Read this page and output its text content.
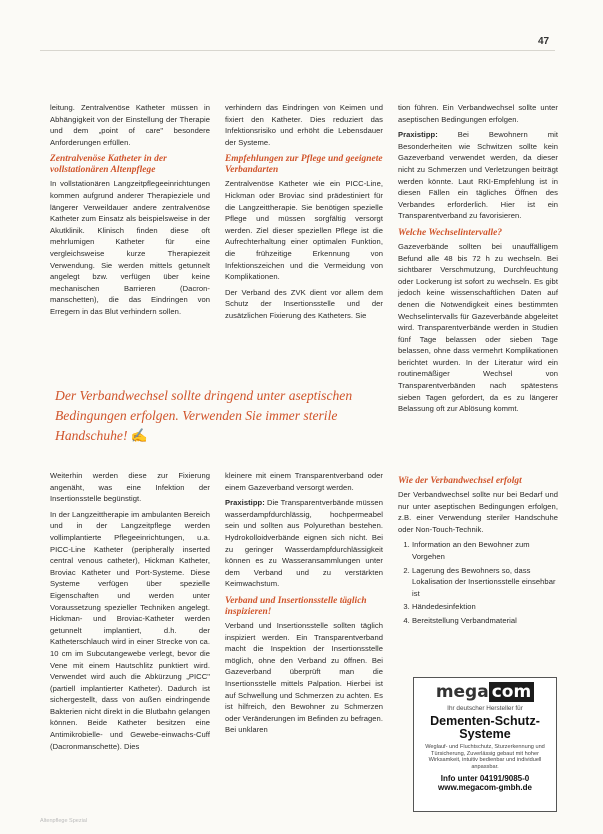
47

leitung. Zentralvenöse Katheter müssen in Abhängigkeit von der Einstellung der Therapie und dem „point of care" besondere Anforderungen erfüllen.

Zentralvenöse Katheter in der vollstationären Altenpflege

In vollstationären Langzeitpflegeeinrichtungen kommen aufgrund anderer Therapieziele und längerer Verweildauer andere zentralvenöse Katheter zum Einsatz als beispielsweise in der Akutklinik. Klinisch finden diese oft mehrlumigen Katheter für eine vergleichsweise kurze Therapiezeit Verwendung. Sie werden mittels getunnelt angelegt bzw. verfügen über keine mechanischen Barrieren (Dacron-manschetten), die das Eindringen von Erregern in das Blut verhindern sollen.

verhindern das Eindringen von Keimen und fixiert den Katheter. Dies reduziert das Infektionsrisiko und erhöht die Lebensdauer der Systeme.

Empfehlungen zur Pflege und geeignete Verbandarten

Zentralvenöse Katheter wie ein PICC-Line, Hickman oder Broviac sind prädestiniert für die Langzeittherapie. Sie benötigen spezielle Pflege und müssen sorgfältig versorgt werden. Ziel dieser speziellen Pflege ist die Aufrechterhaltung einer optimalen Funktion, die frühzeitige Erkennung von Infektionszeichen und die Vermeidung von Komplikationen.

Der Verband des ZVK dient vor allem dem Schutz der Insertionsstelle und der zusätzlichen Fixierung des Katheters. Sie

tion führen. Ein Verbandwechsel sollte unter aseptischen Bedingungen erfolgen.

Praxistipp:	Bei Bewohnern mit Besonderheiten wie Schwitzen sollte kein Gazeverband verwendet werden, da dieser nicht zu Schmerzen und Verletzungen beiträgt werden könnte. Laut RKI-Empfehlung ist in diesen Fällen ein tägliches Öffnen des Verbandes erforderlich. Hier ist ein Transparentverband zu favorisieren.

Welche Wechselintervalle?

Gazeverbände sollten bei unauffälligem Befund alle 48 bis 72 h zu wechseln. Bei sichtbarer Verschmutzung, Durchfeuchtung oder Lockerung ist sofort zu wechseln. Es gibt jedoch keine wissenschaftlichen Daten auf denen die Notwendigkeit eines bestimmten Wechselintervalls für Gazeverbände abgeleitet wird. Transparentverbände werden in Studien fünf Tage belassen oder sieben Tage belassen, ohne dass vermehrt Komplikationen berichtet wurden. In der Literatur wird ein routinemäßiger Wechsel von Transparentverbänden nach spätestens sieben Tagen gefordert, da es zu längerer Belassung oft zur Ablösung kommt.

Der Verbandwechsel sollte dringend unter aseptischen Bedingungen erfolgen. Verwenden Sie immer sterile Handschuhe! ✍

Weiterhin werden diese zur Fixierung angenäht, was eine Infektion der Insertionsstelle begünstigt.

In der Langzeittherapie im ambulanten Bereich und in der Langzeitpflege werden vollimplantierte Pflegeeinrichtungen, u.a. PICC-Line Katheter (peripherally inserted central venous catheter), Hickman Katheter, Broviac Katheter und Port-Systeme. Diese Systeme verfügen über spezielle Eigenschaften und werden unter Voraussetzung spezieller Techniken angelegt. Hickman- und Broviac-Katheter werden getunnelt implantiert, d.h. der Katheterschlauch wird in einer Strecke von ca. 10 cm im Subcutangewebe verlegt, bevor die Vene mit einem Hautschlitz punktiert wird. Verwendet wird auch die Abkürzung „PICC" (partiell implantierter Katheter). Dadurch ist sichergestellt, dass von außen eindringende Bakterien nicht direkt in die Blutbahn gelangen können. Beide Katheter besitzen eine Antimikrobielle- und Gewebe-einwachs-Cuff (Dacronmanschette). Dies

kleinere mit einem Transparentverband oder einem Gazeverband versorgt werden.

Praxistipp: Die Transparentverbände müssen wasserdampfdurchlässig, hochpermeabel sein und sollten aus Polyurethan bestehen. Hydrokolloidverbände eignen sich nicht. Bei zu geringer Wasserdampfdurchlässigkeit können es zu Wasseransammlungen unter dem Verband und zu verstärkten Keimwachstum.

Verband und Insertionsstelle täglich inspizieren!

Verband und Insertionsstelle sollten täglich inspiziert werden. Ein Transparentverband macht die Inspektion der Insertionsstelle möglich, ohne den Verband zu öffnen. Bei Gazeverband überprüft man die Insertionsstelle mittels Palpation. Hierbei ist auf Schwellung und Schmerzen zu achten. Es ist hilfreich, den Bewohner zu Schmerzen oder Veränderungen im Befinden zu befragen. Bei unklaren

Wie der Verbandwechsel erfolgt

Der Verbandwechsel sollte nur bei Bedarf und nur unter aseptischen Bedingungen erfolgen, z.B. einer Verwendung steriler Handschuhe oder Non-Touch-Technik.

1. Information an den Bewohner zum Vorgehen
2. Lagerung des Bewohners so, dass Lokalisation der Insertionsstelle einsehbar ist
3. Händedesinfektion
4. Bereitstellung Verbandmaterial
mega com
Ihr deutscher Hersteller für
Dementen-Schutz-Systeme
Weglauf- und Fluchtschutz, Sturzerkennung und Türsicherung, Zuverlässig gebaut mit hoher Wirksamkeit, intuitiv bedienbar und individuell anpassbar.
Info unter 04191/9085-0
www.megacom-gmbh.de
Altenpflege Spezial
